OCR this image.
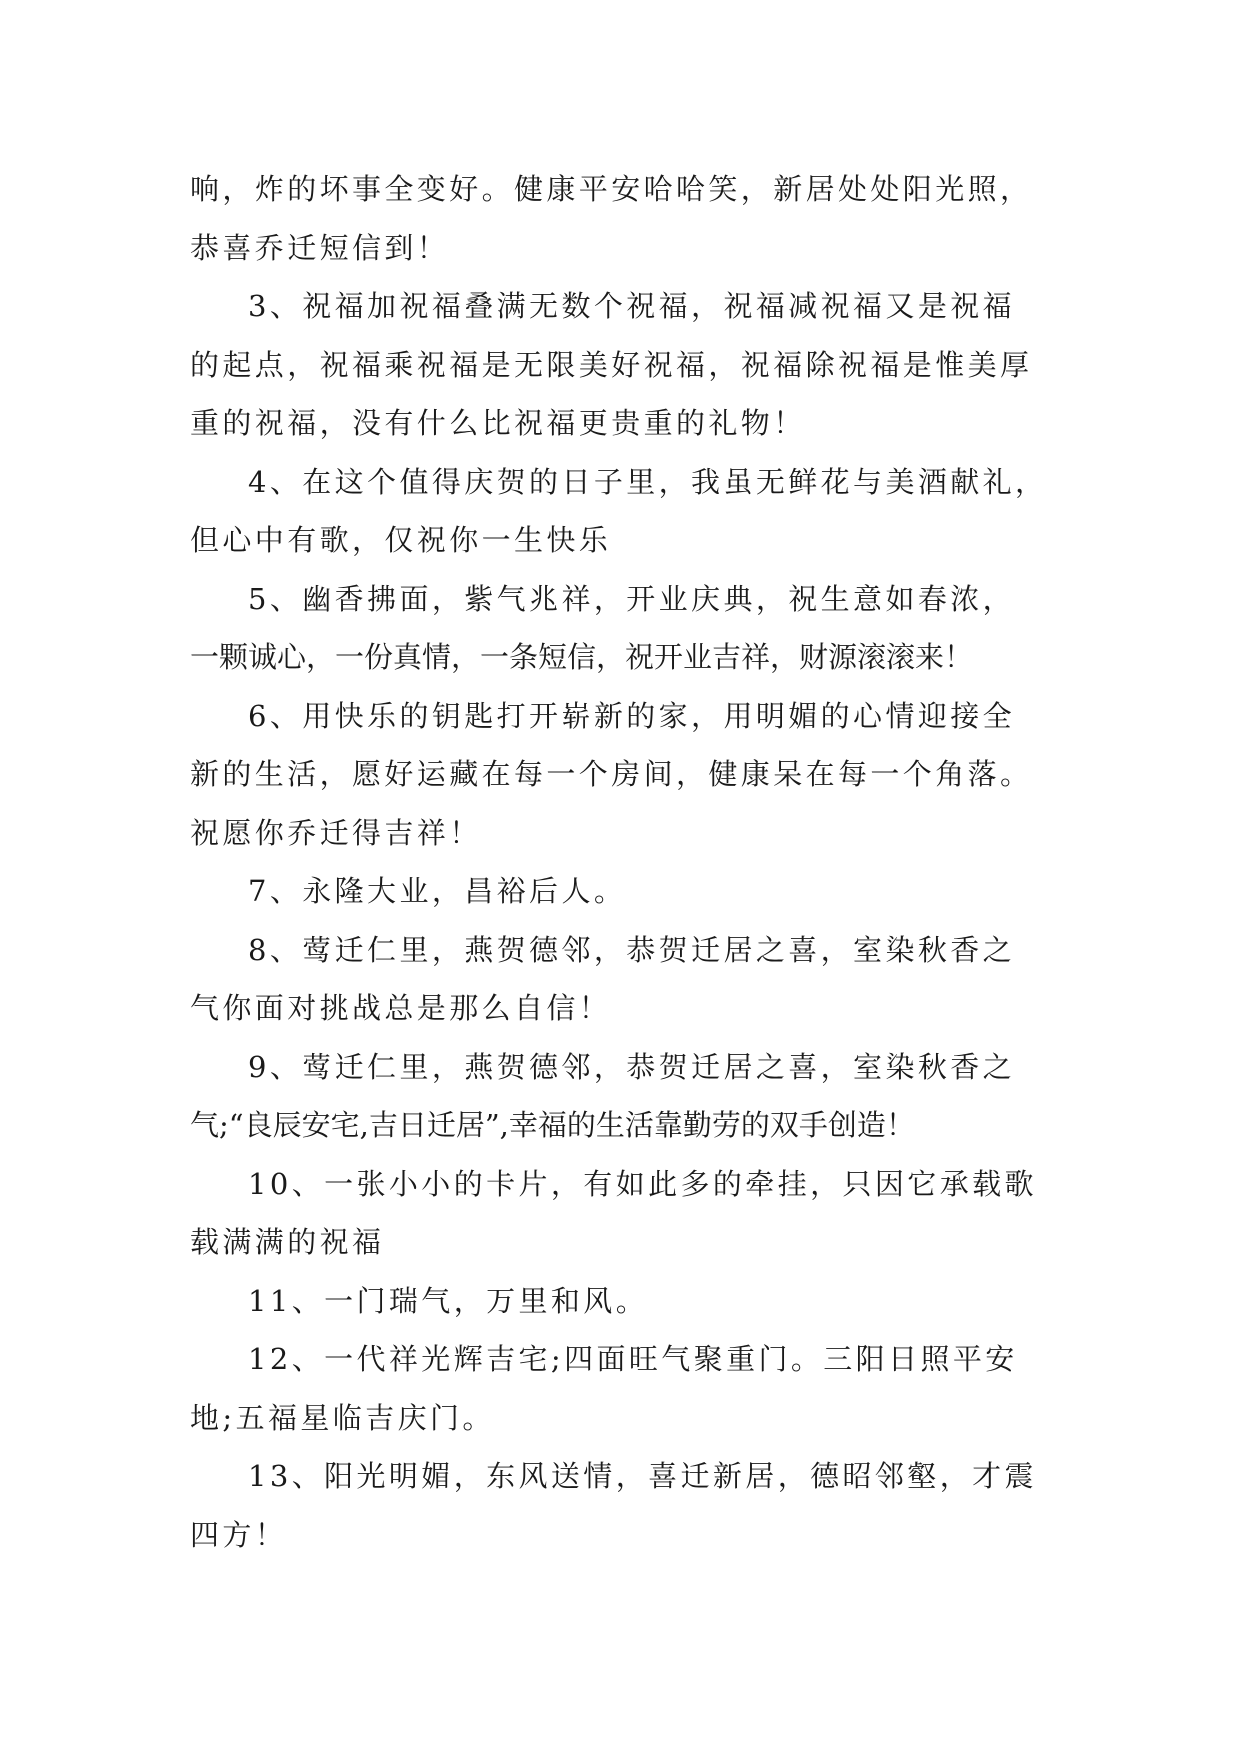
响，炸的坏事全变好。健康平安哈哈笑，新居处处阳光照，
恭喜乔迁短信到！
3、祝福加祝福叠满无数个祝福，祝福减祝福又是祝福
的起点，祝福乘祝福是无限美好祝福，祝福除祝福是惟美厚
重的祝福，没有什么比祝福更贵重的礼物！
4、在这个值得庆贺的日子里，我虽无鲜花与美酒献礼，
但心中有歌，仅祝你一生快乐
5、幽香拂面，紫气兆祥，开业庆典，祝生意如春浓，
一颗诚心，一份真情，一条短信，祝开业吉祥，财源滚滚来！
6、用快乐的钥匙打开崭新的家，用明媚的心情迎接全
新的生活，愿好运藏在每一个房间，健康呆在每一个角落。
祝愿你乔迁得吉祥！
7、永隆大业，昌裕后人。
8、莺迁仁里，燕贺德邻，恭贺迁居之喜，室染秋香之
气你面对挑战总是那么自信！
9、莺迁仁里，燕贺德邻，恭贺迁居之喜，室染秋香之
气;“良辰安宅,吉日迁居”,幸福的生活靠勤劳的双手创造！
10、一张小小的卡片，有如此多的牵挂，只因它承载歌
载满满的祝福
11、一门瑞气，万里和风。
12、一代祥光辉吉宅;四面旺气聚重门。三阳日照平安
地;五福星临吉庆门。
13、阳光明媚，东风送情，喜迁新居，德昭邻壑，才震
四方！
